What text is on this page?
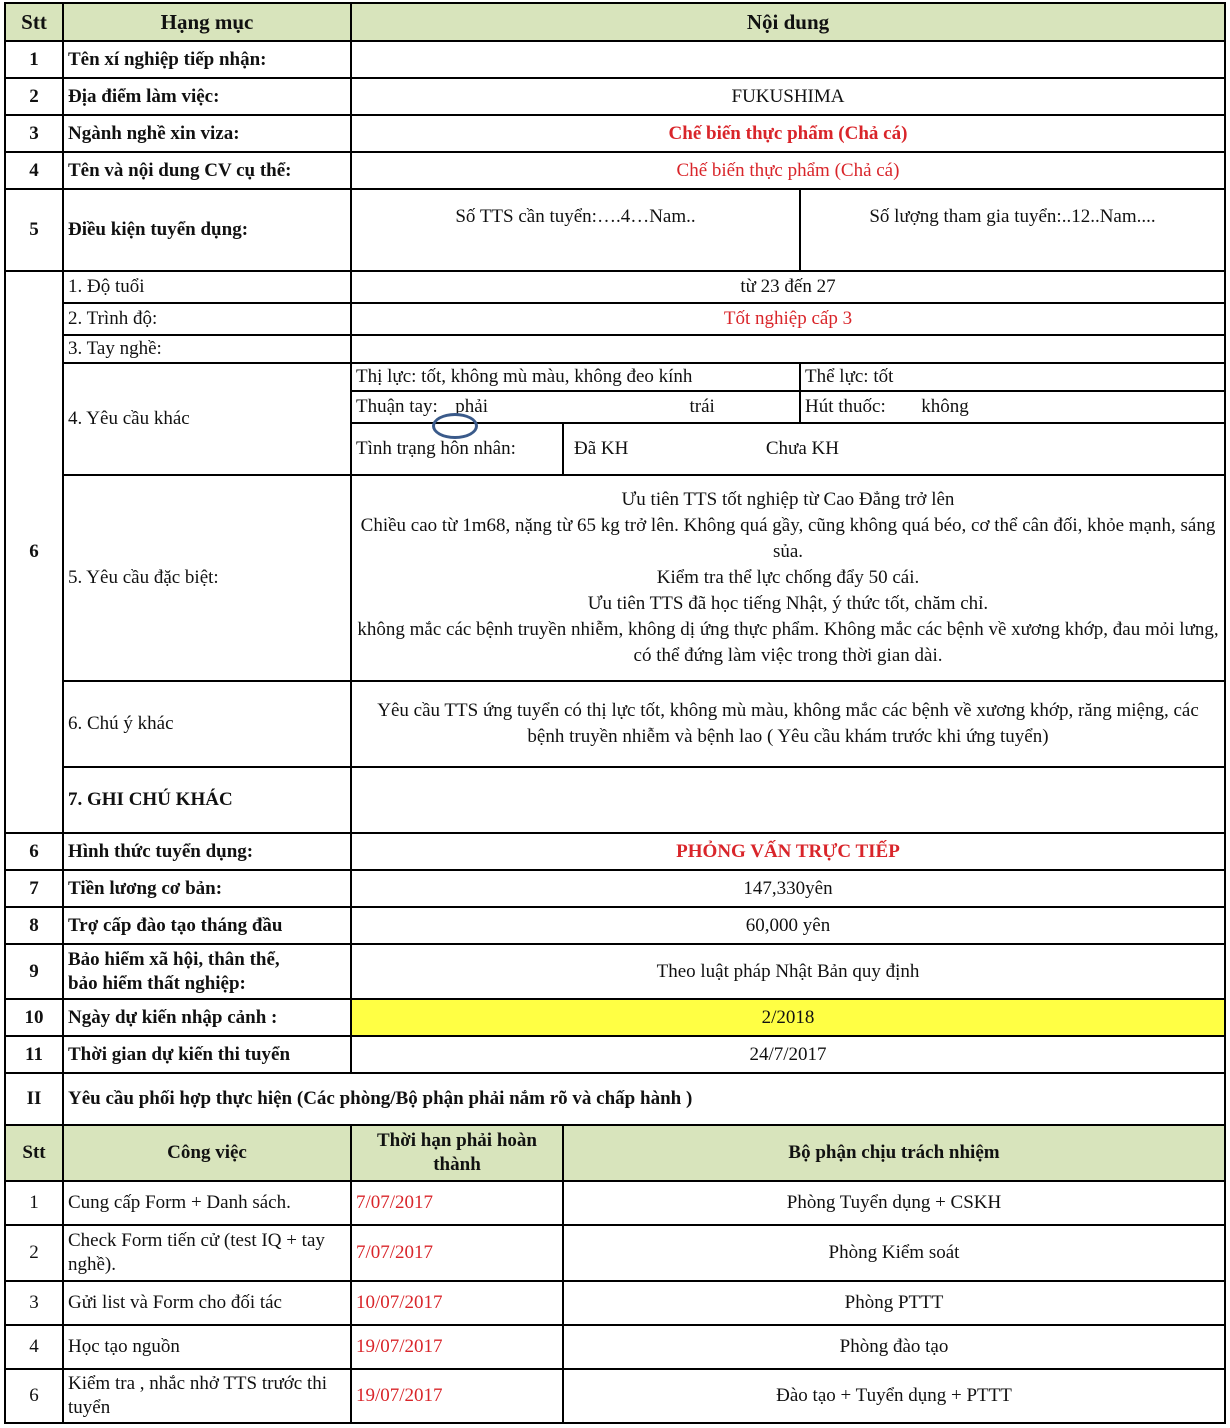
Stt	Hạng mục	Nội dung		
1	Tên xí nghiệp tiếp nhận:			
2	Địa điểm làm việc:	FUKUSHIMA		
3	Ngành nghề xin viza:	Chế biến thực phẩm (Chả cá)		
4	Tên và nội dung CV cụ thể:	Chế biến thực phẩm (Chả cá)		
5	Điều kiện tuyển dụng:	Số TTS cần tuyển:….4…Nam..		Số lượng tham gia tuyển:..12..Nam....
6	1. Độ tuổi	từ 23 đến 27		
	2. Trình độ:	Tốt nghiệp cấp 3		
	3. Tay nghề:			
	4. Yêu cầu khác	Thị lực: tốt, không mù màu, không đeo kính		Thể lực: tốt
		Thuận tay: phải trái		Hút thuốc: không
		Tình trạng hôn nhân:	Đã KH Chưa KH	
	5. Yêu cầu đặc biệt:	Ưu tiên TTS tốt nghiệp từ Cao Đẳng trở lên
Chiều cao từ 1m68, nặng từ 65 kg trở lên. Không quá gầy, cũng không quá béo, cơ thể cân đối, khỏe mạnh, sáng sủa.
Kiểm tra thể lực chống đẩy 50 cái.
Ưu tiên TTS đã học tiếng Nhật, ý thức tốt, chăm chỉ.
không mắc các bệnh truyền nhiễm, không dị ứng thực phẩm. Không mắc các bệnh về xương khớp, đau mỏi lưng, có thể đứng làm việc trong thời gian dài.		

	6. Chú ý khác	Yêu cầu TTS ứng tuyển có thị lực tốt, không mù màu, không mắc các bệnh về xương khớp, răng miệng, các bệnh truyền nhiễm và bệnh lao ( Yêu cầu khám trước khi ứng tuyển)		
	7. GHI CHÚ KHÁC			
6	Hình thức tuyển dụng:	PHỎNG VẤN TRỰC TIẾP		
7	Tiền lương cơ bản:	147,330yên		
8	Trợ cấp đào tạo tháng đầu	60,000 yên		
9	Bảo hiểm xã hội, thân thể,
bảo hiểm thất nghiệp:	Theo luật pháp Nhật Bản quy định		
10	Ngày dự kiến nhập cảnh :	2/2018		
11	Thời gian dự kiến thi tuyển	24/7/2017		
II	Yêu cầu phối hợp thực hiện (Các phòng/Bộ phận phải nắm rõ và chấp hành )			
Stt	Công việc	Thời hạn phải hoàn thành	Bộ phận chịu trách nhiệm	
1	Cung cấp Form + Danh sách.	7/07/2017	Phòng Tuyển dụng + CSKH	
2	Check Form tiến cử (test IQ + tay nghề).	7/07/2017	Phòng Kiểm soát	
3	Gửi list và Form cho đối tác	10/07/2017	Phòng PTTT	
4	Học tạo nguồn	19/07/2017	Phòng đào tạo	
6	Kiểm tra , nhắc nhở TTS trước thi tuyển	19/07/2017	Đào tạo + Tuyển dụng + PTTT	
